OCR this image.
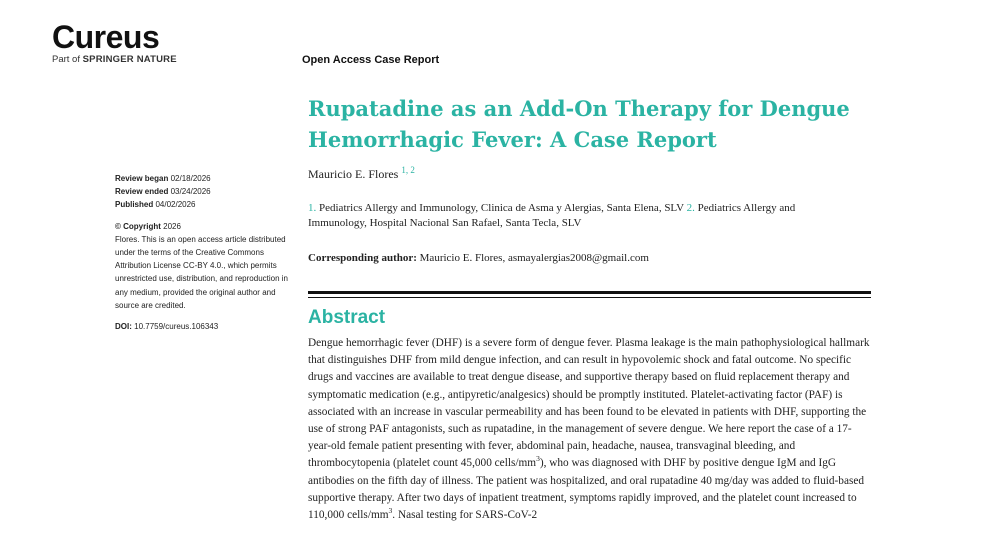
Cureus
Part of SPRINGER NATURE	Open Access Case Report
Rupatadine as an Add-On Therapy for Dengue Hemorrhagic Fever: A Case Report
Mauricio E. Flores $^{1, 2}$
1. Pediatrics Allergy and Immunology, Clinica de Asma y Alergias, Santa Elena, SLV 2. Pediatrics Allergy and Immunology, Hospital Nacional San Rafael, Santa Tecla, SLV
Corresponding author: Mauricio E. Flores, asmayalergias2008@gmail.com
Abstract

Dengue hemorrhagic fever (DHF) is a severe form of dengue fever. Plasma leakage is the main pathophysiological hallmark that distinguishes DHF from mild dengue infection, and can result in hypovolemic shock and fatal outcome. No specific drugs and vaccines are available to treat dengue disease, and supportive therapy based on fluid replacement therapy and symptomatic medication (e.g., antipyretic/analgesics) should be promptly instituted. Platelet-activating factor (PAF) is associated with an increase in vascular permeability and has been found to be elevated in patients with DHF, supporting the use of strong PAF antagonists, such as rupatadine, in the management of severe dengue. We here report the case of a 17-year-old female patient presenting with fever, abdominal pain, headache, nausea, transvaginal bleeding, and thrombocytopenia (platelet count 45,000 cells/$mm^3$), who was diagnosed with DHF by positive dengue IgM and IgG antibodies on the fifth day of illness. The patient was hospitalized, and oral rupatadine 40 mg/day was added to fluid-based supportive therapy. After two days of inpatient treatment, symptoms rapidly improved, and the platelet count increased to 110,000 cells/$mm^3$. Nasal testing for SARS-CoV-2

Review began 02/18/2026
Review ended 03/24/2026
Published 04/02/2026
© Copyright 2026
Flores. This is an open access article distributed under the terms of the Creative Commons Attribution License CC-BY 4.0., which permits unrestricted use, distribution, and reproduction in any medium, provided the original author and source are credited.
DOI: 10.7759/cureus.106343
